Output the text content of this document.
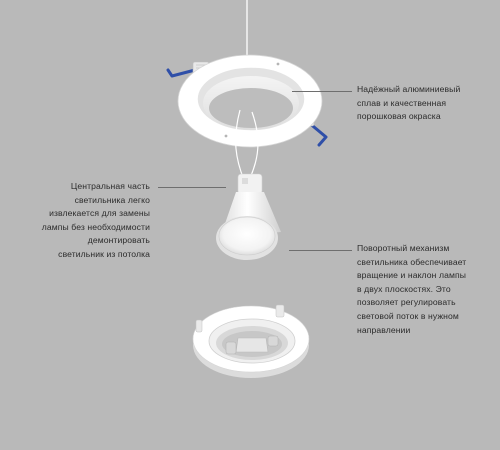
Надёжный алюминиевый
сплав и качественная
порошковая окраска
Центральная часть
светильника легко
извлекается для замены
лампы без необходимости
демонтировать
светильник из потолка
Поворотный механизм
светильника обеспечивает
вращение и наклон лампы
в двух плоскостях. Это
позволяет регулировать
световой поток в нужном
направлении
